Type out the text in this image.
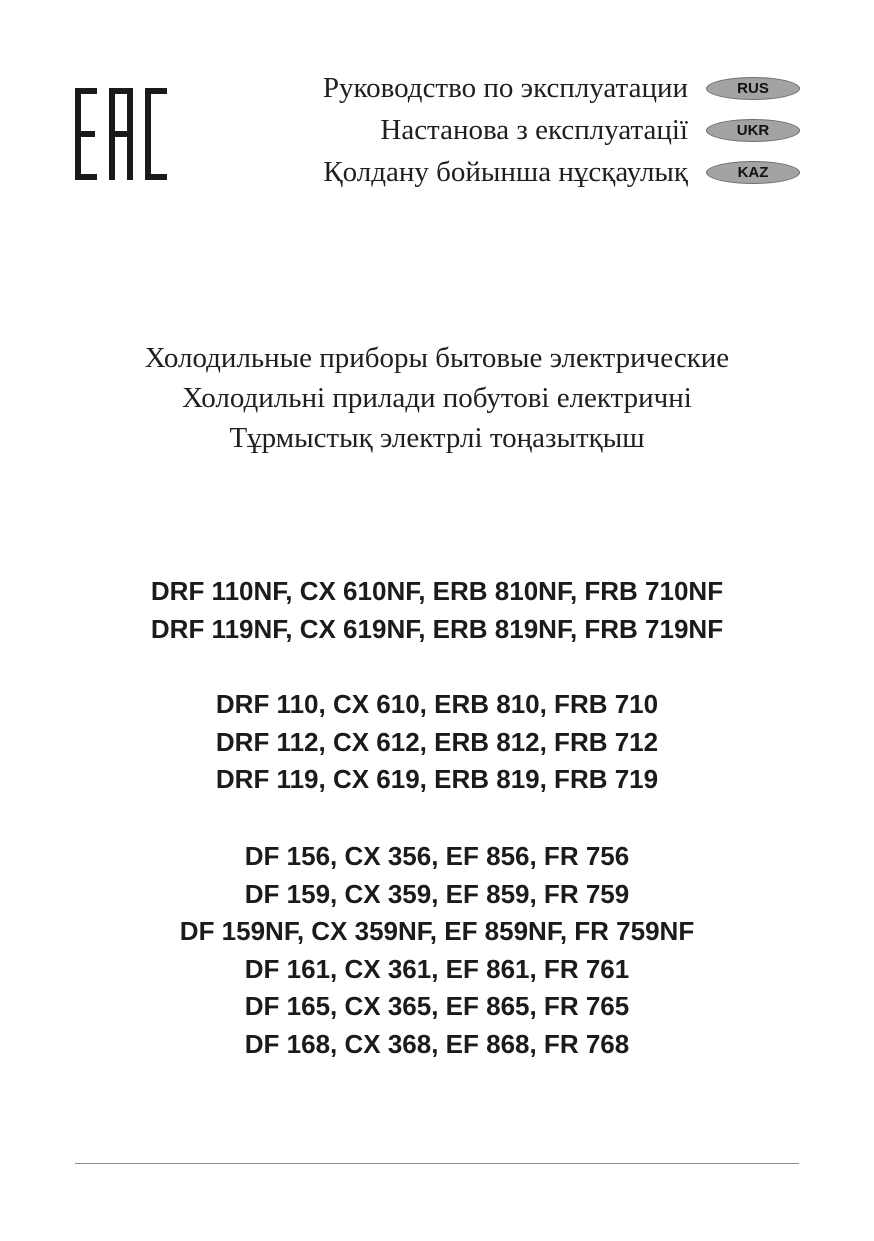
Руководство по эксплуатации	RUS
Настанова з експлуатації	UKR
Қолдану бойынша нұсқаулық	KAZ
Холодильные приборы бытовые электрические
Холодильні прилади побутові електричні
Тұрмыстық электрлі тоңазытқыш
DRF 110NF, CX 610NF, ERB 810NF, FRB 710NF
DRF 119NF, CX 619NF, ERB 819NF, FRB 719NF
DRF 110, CX 610, ERB 810, FRB 710
DRF 112, CX 612, ERB 812, FRB 712
DRF 119, CX 619, ERB 819, FRB 719
DF 156, CX 356, EF 856, FR 756
DF 159, CX 359, EF 859, FR 759
DF 159NF, CX 359NF, EF 859NF, FR 759NF
DF 161, CX 361, EF 861, FR 761
DF 165, CX 365, EF 865, FR 765
DF 168, CX 368, EF 868, FR 768
